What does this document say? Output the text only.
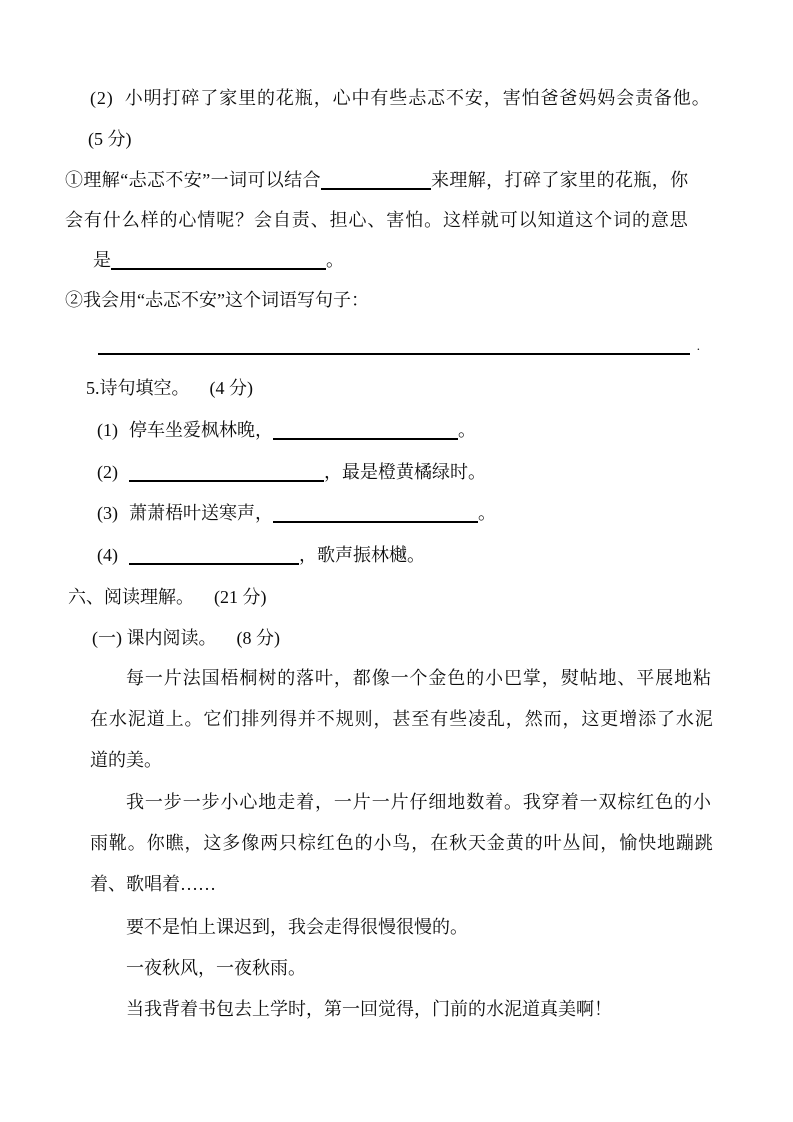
(2) 小明打碎了家里的花瓶，心中有些忐忑不安，害怕爸爸妈妈会责备他。
(5 分)
①理解“忐忑不安”一词可以结合	来理解，打碎了家里的花瓶，你
会有什么样的心情呢？会自责、担心、害怕。这样就可以知道这个词的意思
是	。
②我会用“忐忑不安”这个词语写句子：
.
5.诗句填空。 (4 分)
(1) 停车坐爱枫林晚，	。
(2)	，最是橙黄橘绿时。
(3) 萧萧梧叶送寒声，	。
(4)	，歌声振林樾。
六、阅读理解。 (21 分)
(一) 课内阅读。 (8 分)
每一片法国梧桐树的落叶，都像一个金色的小巴掌，熨帖地、平展地粘
在水泥道上。它们排列得并不规则，甚至有些凌乱，然而，这更增添了水泥
道的美。
我一步一步小心地走着，一片一片仔细地数着。我穿着一双棕红色的小
雨靴。你瞧，这多像两只棕红色的小鸟，在秋天金黄的叶丛间，愉快地蹦跳
着、歌唱着……
要不是怕上课迟到，我会走得很慢很慢的。
一夜秋风，一夜秋雨。
当我背着书包去上学时，第一回觉得，门前的水泥道真美啊！
